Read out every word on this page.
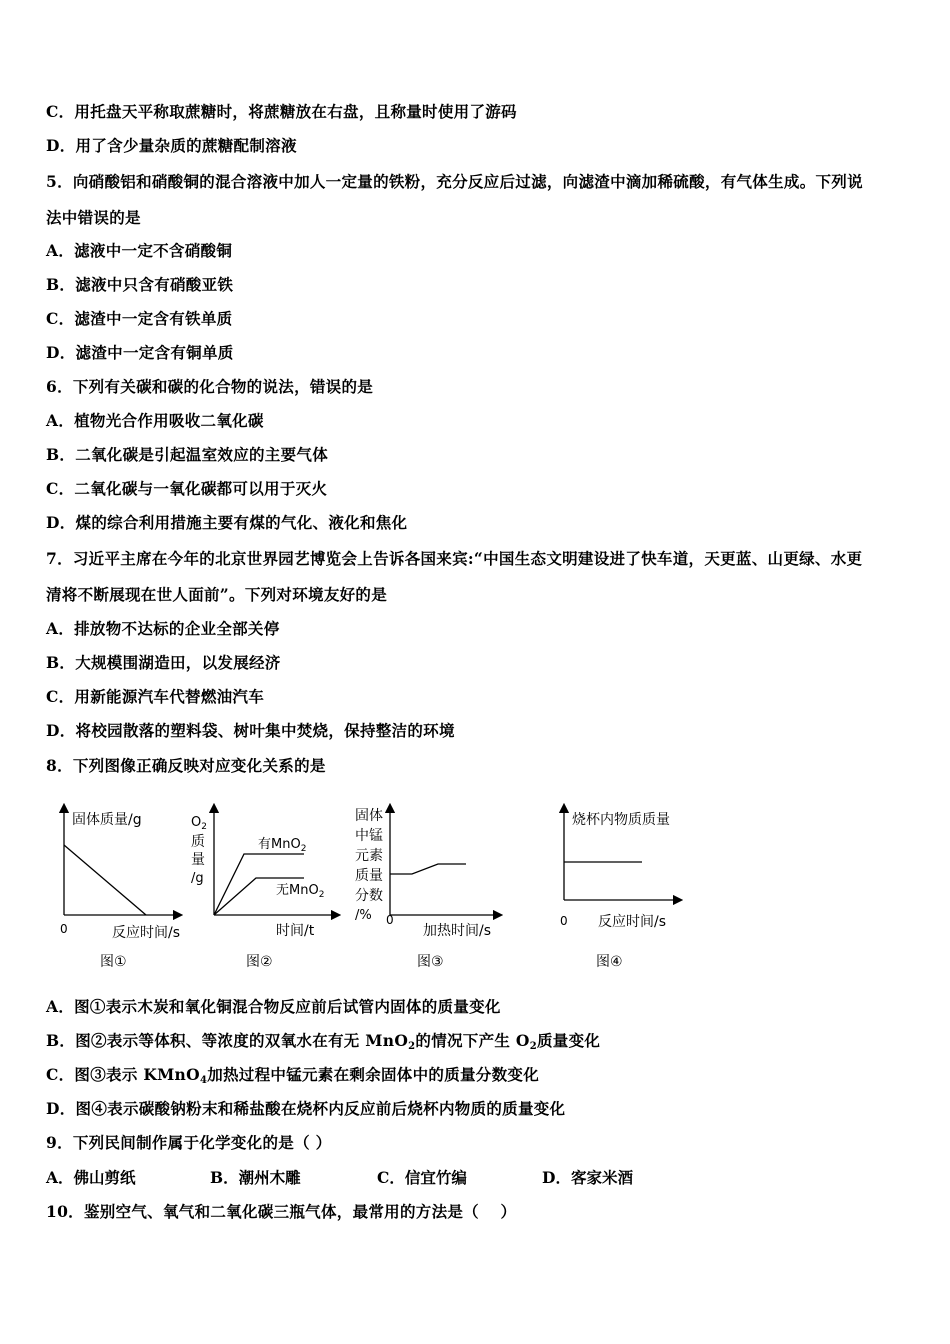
C．用托盘天平称取蔗糖时，将蔗糖放在右盘，且称量时使用了游码
D．用了含少量杂质的蔗糖配制溶液
5．向硝酸铝和硝酸铜的混合溶液中加人一定量的铁粉，充分反应后过滤，向滤渣中滴加稀硫酸，有气体生成。下列说
法中错误的是
A．滤液中一定不含硝酸铜
B．滤液中只含有硝酸亚铁
C．滤渣中一定含有铁单质
D．滤渣中一定含有铜单质
6．下列有关碳和碳的化合物的说法，错误的是
A．植物光合作用吸收二氧化碳
B．二氧化碳是引起温室效应的主要气体
C．二氧化碳与一氧化碳都可以用于灭火
D．煤的综合利用措施主要有煤的气化、液化和焦化
7．习近平主席在今年的北京世界园艺博览会上告诉各国来宾:“中国生态文明建设进了快车道，天更蓝、山更绿、水更
清将不断展现在世人面前”。下列对环境友好的是
A．排放物不达标的企业全部关停
B．大规模围湖造田，以发展经济
C．用新能源汽车代替燃油汽车
D．将校园散落的塑料袋、树叶集中焚烧，保持整洁的环境
8．下列图像正确反映对应变化关系的是
固体质量/g
0	反应时间/s
图①
$O_2$
质
量
/g
有MnO$_2$
无MnO$_2$
时间/t
图②
固体
中锰
元素
质量
分数
/% 0
加热时间/s
图③
烧杯内物质质量
0 反应时间/s
图④
A．图①表示木炭和氧化铜混合物反应前后试管内固体的质量变化
B．图②表示等体积、等浓度的双氧水在有无 MnO$_2$的情况下产生 $O_2$质量变化
C．图③表示 KMnO$_4$加热过程中锰元素在剩余固体中的质量分数变化
D．图④表示碳酸钠粉末和稀盐酸在烧杯内反应前后烧杯内物质的质量变化
9．下列民间制作属于化学变化的是（ ）
A．佛山剪纸	B．潮州木雕	C．信宜竹编	D．客家米酒
10．鉴别空气、氧气和二氧化碳三瓶气体，最常用的方法是（　 ）
